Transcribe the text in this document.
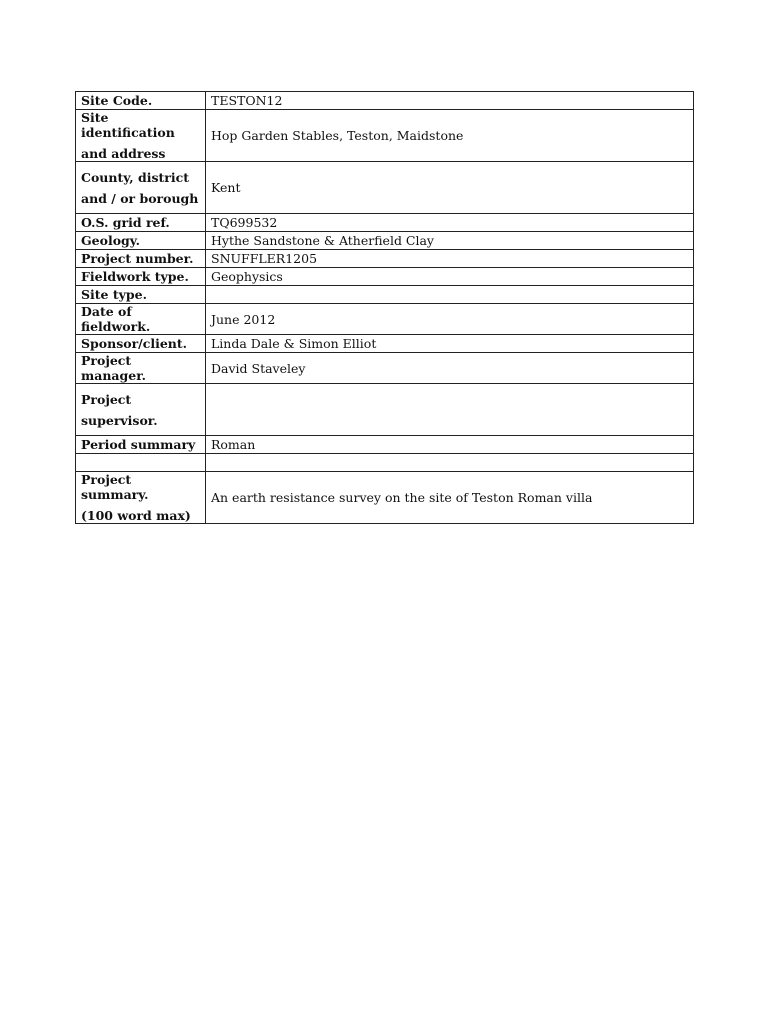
Site Code.	TESTON12

Site identification
and address	Hop Garden Stables, Teston, Maidstone

County, district
and / or borough	Kent

O.S. grid ref.	TQ699532

Geology.	Hythe Sandstone & Atherfield Clay

Project number.	SNUFFLER1205

Fieldwork type.	Geophysics

Site type.	

Date of fieldwork.	June 2012

Sponsor/client.	Linda Dale & Simon Elliot

Project manager.	David Staveley

Project
supervisor.	

Period summary	Roman

Project summary.
(100 word max)	An earth resistance survey on the site of Teston Roman villa
